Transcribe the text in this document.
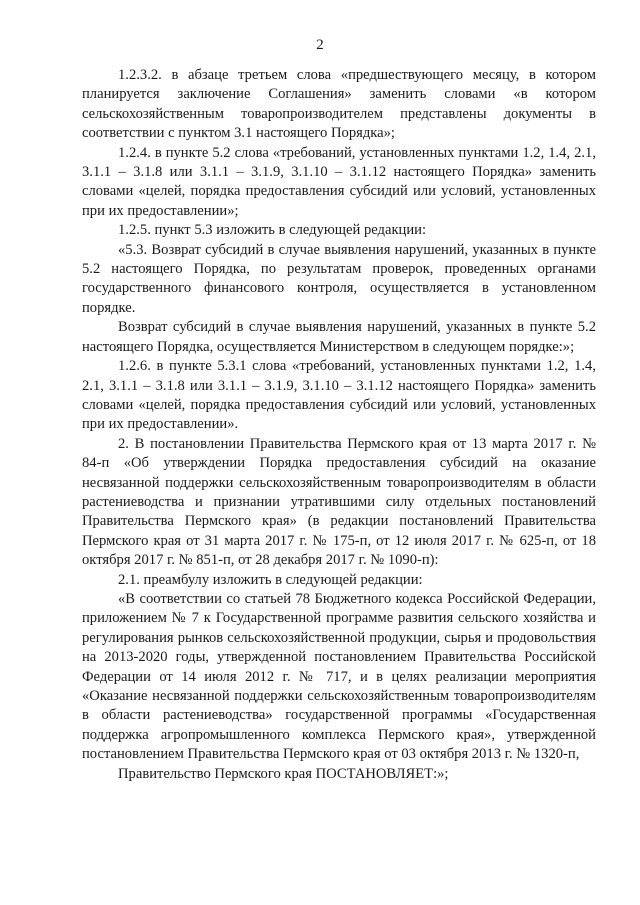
2

1.2.3.2. в абзаце третьем слова «предшествующего месяцу, в котором планируется заключение Соглашения» заменить словами «в котором сельскохозяйственным товаропроизводителем представлены документы в соответствии с пунктом 3.1 настоящего Порядка»;

1.2.4. в пункте 5.2 слова «требований, установленных пунктами 1.2, 1.4, 2.1, 3.1.1 – 3.1.8 или 3.1.1 – 3.1.9, 3.1.10 – 3.1.12 настоящего Порядка» заменить словами «целей, порядка предоставления субсидий или условий, установленных при их предоставлении»;

1.2.5. пункт 5.3 изложить в следующей редакции:

«5.3. Возврат субсидий в случае выявления нарушений, указанных в пункте 5.2 настоящего Порядка, по результатам проверок, проведенных органами государственного финансового контроля, осуществляется в установленном порядке.

Возврат субсидий в случае выявления нарушений, указанных в пункте 5.2 настоящего Порядка, осуществляется Министерством в следующем порядке:»;

1.2.6. в пункте 5.3.1 слова «требований, установленных пунктами 1.2, 1.4, 2.1, 3.1.1 – 3.1.8 или 3.1.1 – 3.1.9, 3.1.10 – 3.1.12 настоящего Порядка» заменить словами «целей, порядка предоставления субсидий или условий, установленных при их предоставлении».

2. В постановлении Правительства Пермского края от 13 марта 2017 г. № 84-п «Об утверждении Порядка предоставления субсидий на оказание несвязанной поддержки сельскохозяйственным товаропроизводителям в области растениеводства и признании утратившими силу отдельных постановлений Правительства Пермского края» (в редакции постановлений Правительства Пермского края от 31 марта 2017 г. № 175-п, от 12 июля 2017 г. № 625-п, от 18 октября 2017 г. № 851-п, от 28 декабря 2017 г. № 1090-п):

2.1. преамбулу изложить в следующей редакции:

«В соответствии со статьей 78 Бюджетного кодекса Российской Федерации, приложением № 7 к Государственной программе развития сельского хозяйства и регулирования рынков сельскохозяйственной продукции, сырья и продовольствия на 2013-2020 годы, утвержденной постановлением Правительства Российской Федерации от 14 июля 2012 г. № 717, и в целях реализации мероприятия «Оказание несвязанной поддержки сельскохозяйственным товаропроизводителям в области растениеводства» государственной программы «Государственная поддержка агропромышленного комплекса Пермского края», утвержденной постановлением Правительства Пермского края от 03 октября 2013 г. № 1320-п,

Правительство Пермского края ПОСТАНОВЛЯЕТ:»;
